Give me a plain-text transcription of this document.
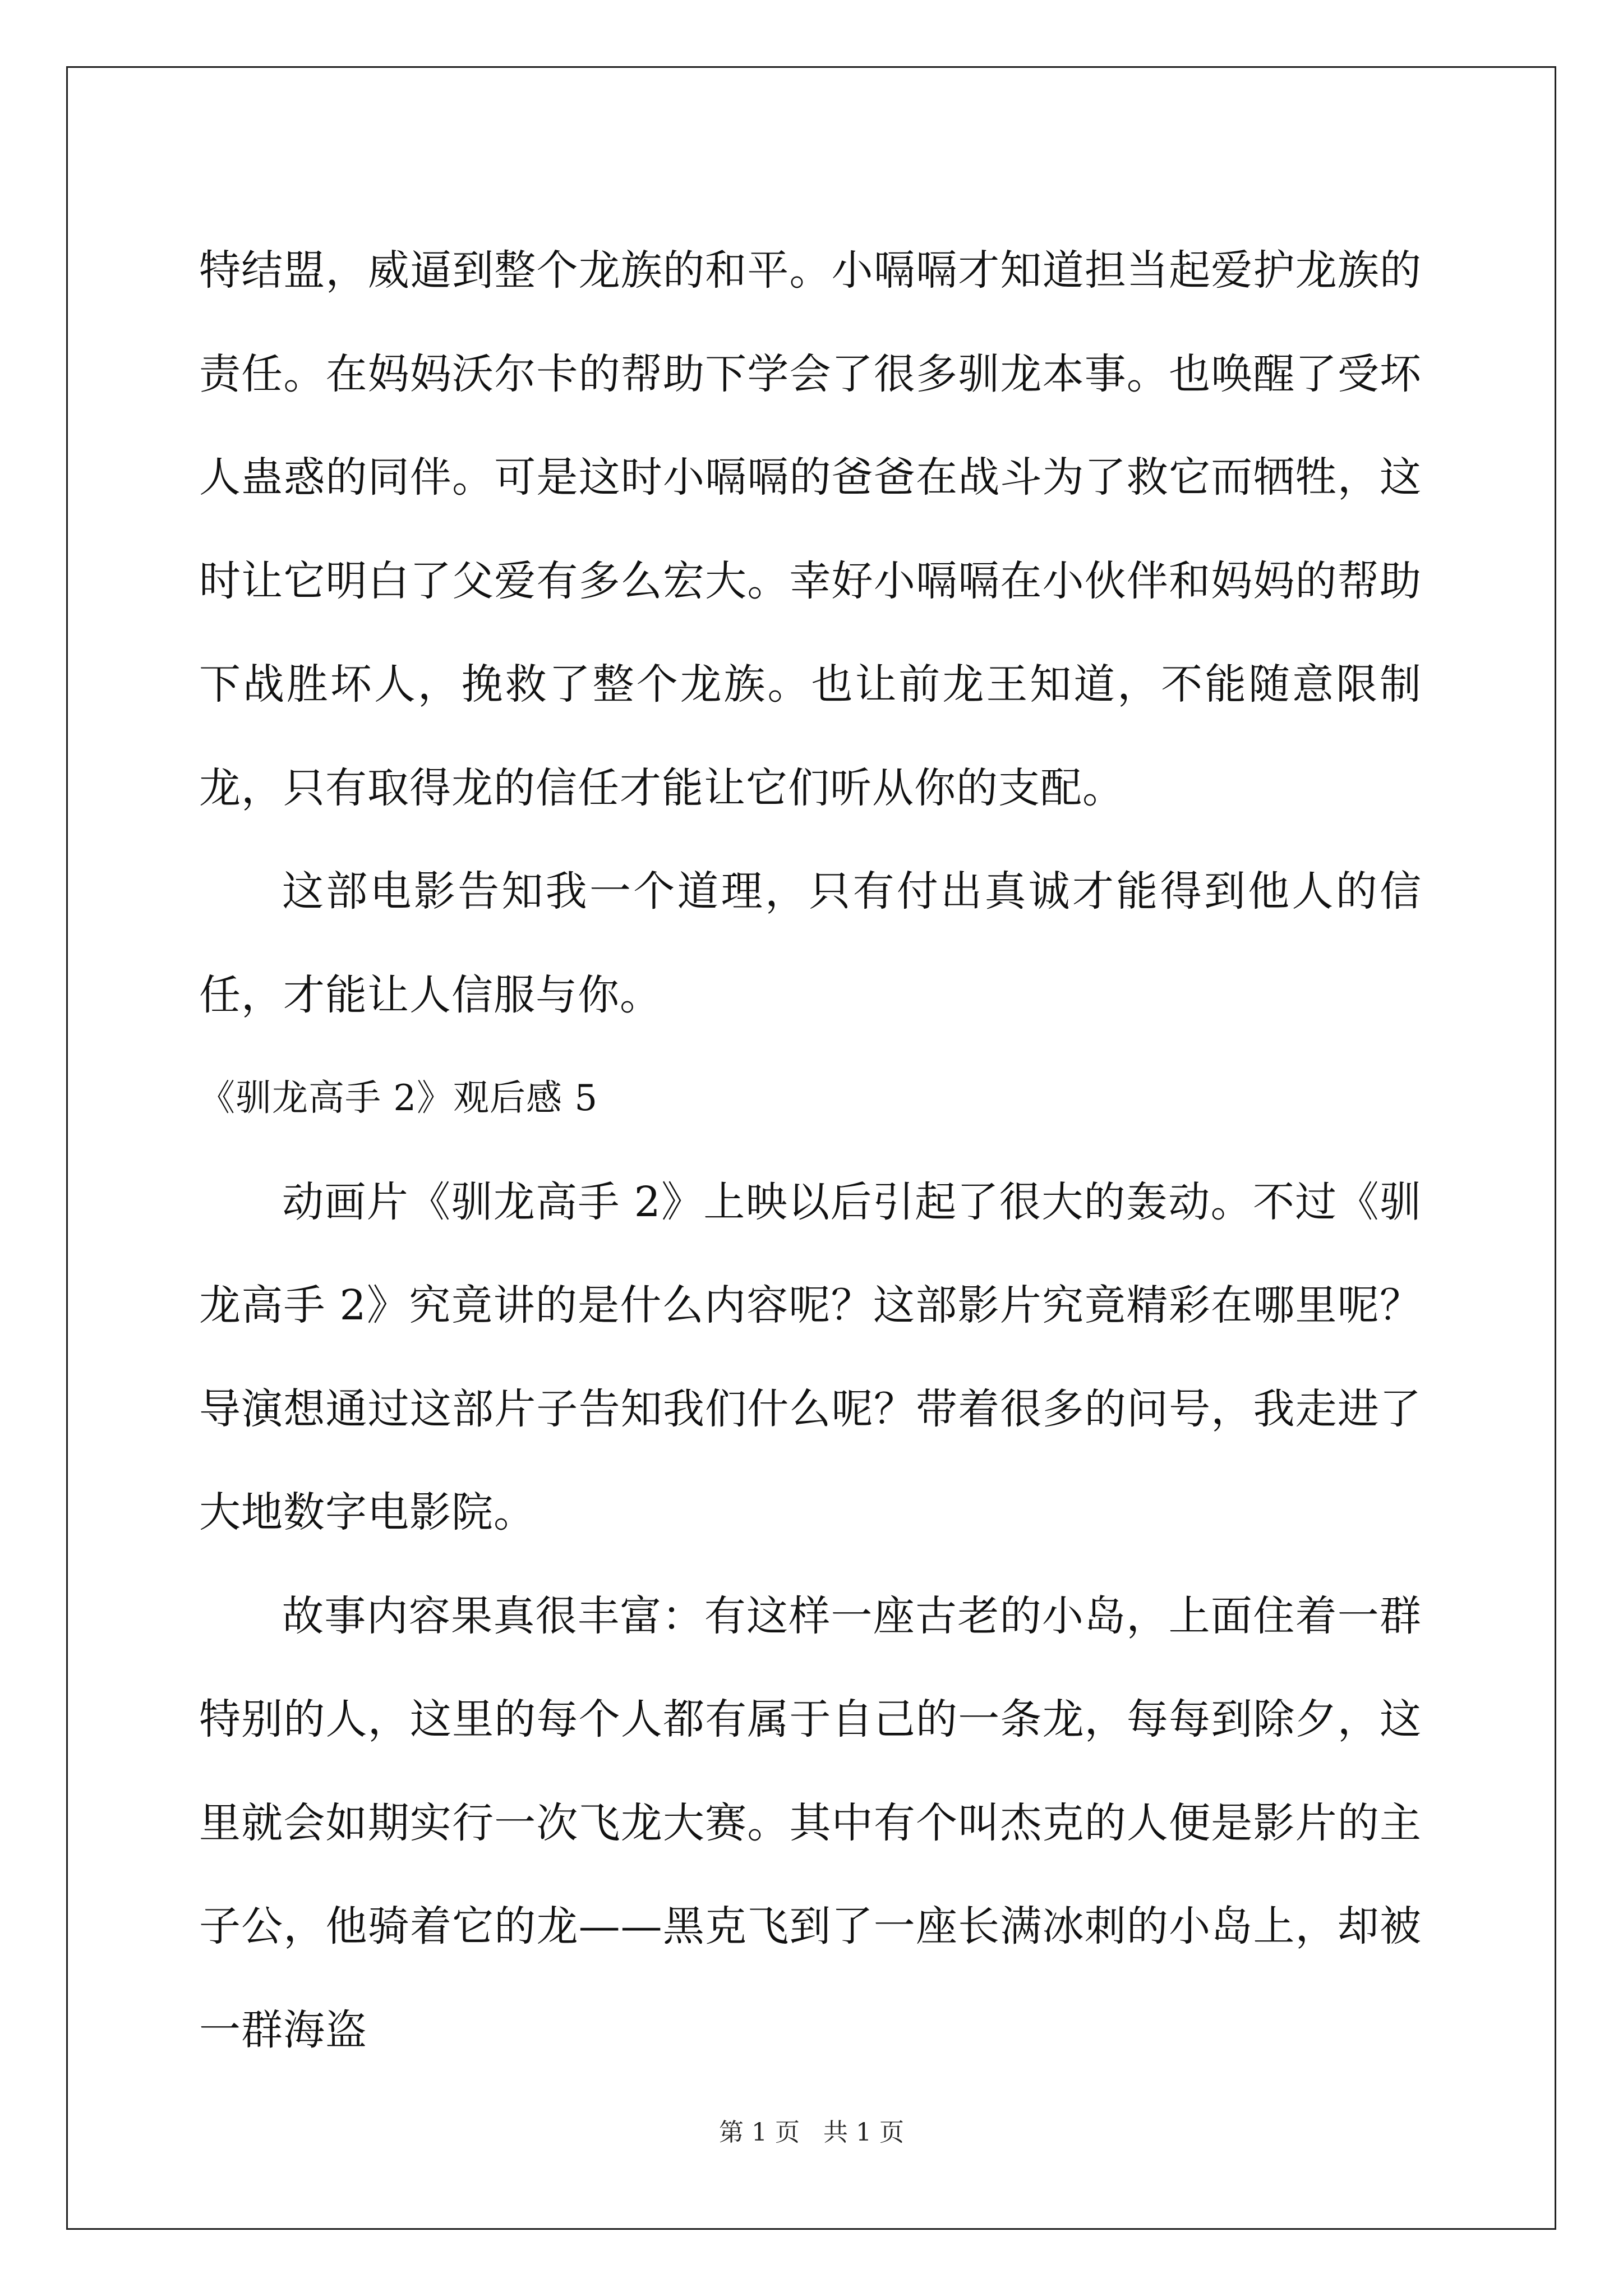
特结盟，威逼到整个龙族的和平。小嗝嗝才知道担当起爱护龙族的责任。在妈妈沃尔卡的帮助下学会了很多驯龙本事。也唤醒了受坏人蛊惑的同伴。可是这时小嗝嗝的爸爸在战斗为了救它而牺牲，这时让它明白了父爱有多么宏大。幸好小嗝嗝在小伙伴和妈妈的帮助下战胜坏人，挽救了整个龙族。也让前龙王知道，不能随意限制龙，只有取得龙的信任才能让它们听从你的支配。

这部电影告知我一个道理，只有付出真诚才能得到他人的信任，才能让人信服与你。

《驯龙高手 2》观后感 5

动画片《驯龙高手 2》上映以后引起了很大的轰动。不过《驯龙高手 2》究竟讲的是什么内容呢？这部影片究竟精彩在哪里呢？导演想通过这部片子告知我们什么呢？带着很多的问号，我走进了大地数字电影院。

故事内容果真很丰富：有这样一座古老的小岛，上面住着一群特别的人，这里的每个人都有属于自己的一条龙，每每到除夕，这里就会如期实行一次飞龙大赛。其中有个叫杰克的人便是影片的主子公，他骑着它的龙——黑克飞到了一座长满冰刺的小岛上，却被一群海盗

第 1 页 共 1 页
